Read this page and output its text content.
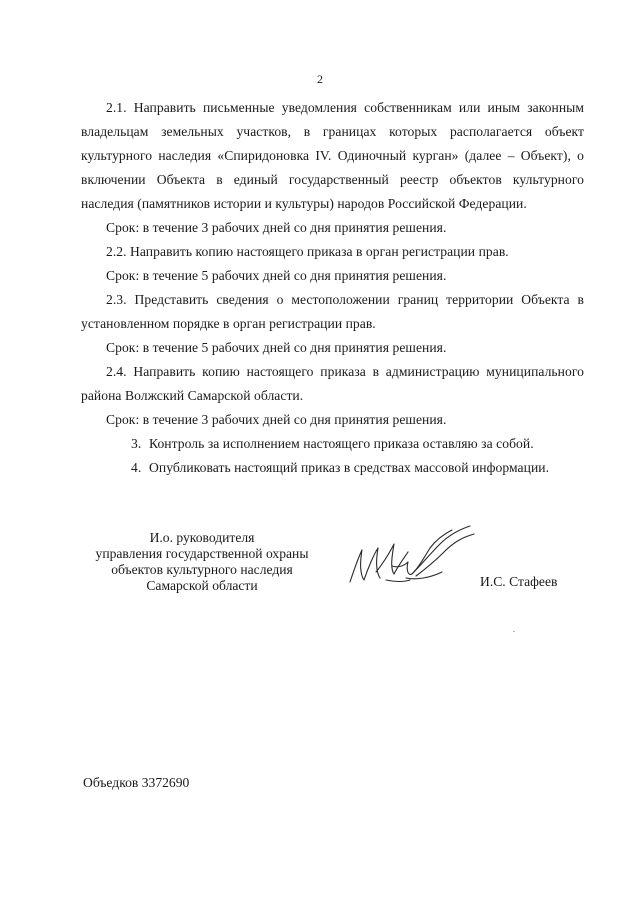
2

2.1. Направить письменные уведомления собственникам или иным законным владельцам земельных участков, в границах которых располагается объект культурного наследия «Спиридоновка IV. Одиночный курган» (далее – Объект), о включении Объекта в единый государственный реестр объектов культурного наследия (памятников истории и культуры) народов Российской Федерации.

Срок: в течение 3 рабочих дней со дня принятия решения.

2.2. Направить копию настоящего приказа в орган регистрации прав.

Срок: в течение 5 рабочих дней со дня принятия решения.

2.3. Представить сведения о местоположении границ территории Объекта в установленном порядке в орган регистрации прав.

Срок: в течение 5 рабочих дней со дня принятия решения.

2.4. Направить копию настоящего приказа в администрацию муниципального района Волжский Самарской области.

Срок: в течение 3 рабочих дней со дня принятия решения.

3. Контроль за исполнением настоящего приказа оставляю за собой.

4. Опубликовать настоящий приказ в средствах массовой информации.

И.о. руководителя
управления государственной охраны
объектов культурного наследия
Самарской области	И.С. Стафеев
Объедков 3372690
